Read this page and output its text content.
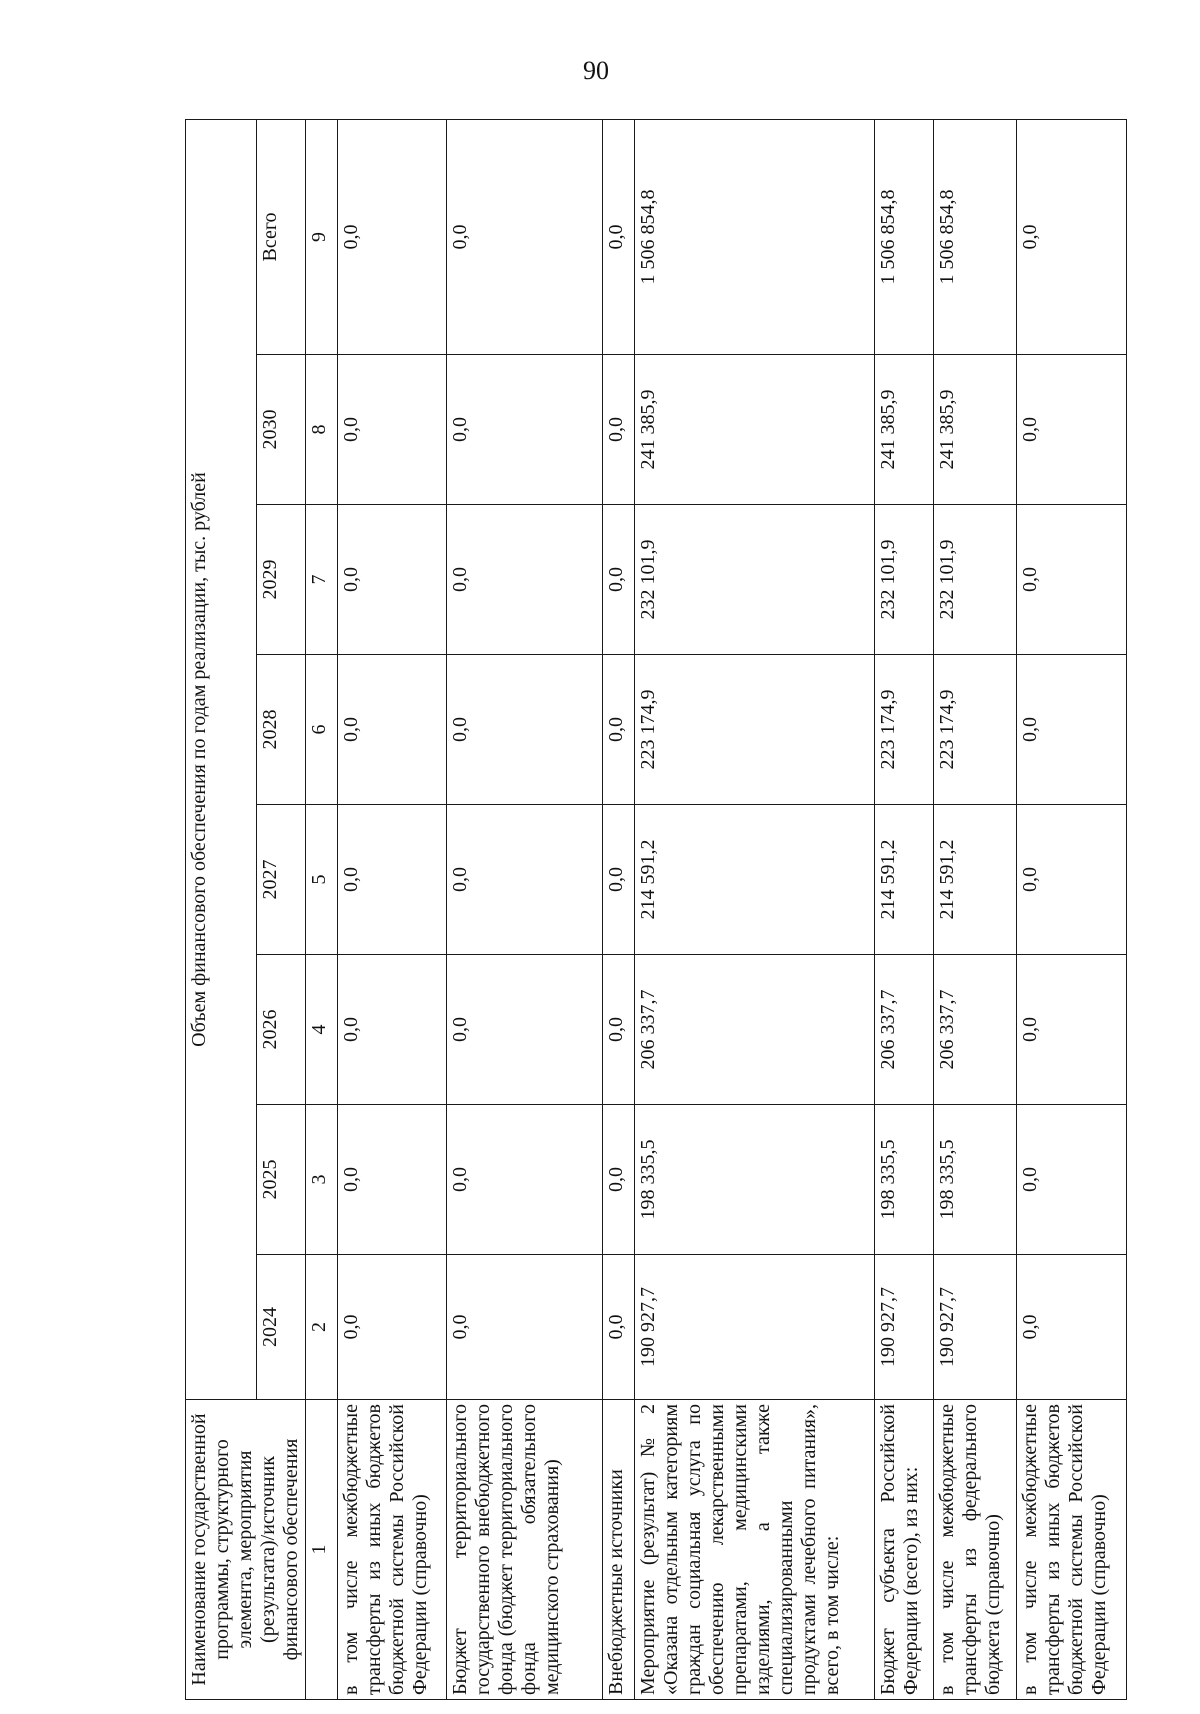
90
Наименование государственной программы, структурного элемента, мероприятия (результата)/источник финансового обеспечения	Объем финансового обеспечения по годам реализации, тыс. рублей							
	2024	2025	2026	2027	2028	2029	2030	Всего
1	2	3	4	5	6	7	8	9
в том числе межбюджетные трансферты из иных бюджетов бюджетной системы Российской Федерации (справочно)	0,0	0,0	0,0	0,0	0,0	0,0	0,0	0,0
Бюджет территориального государственного внебюджетного фонда (бюджет территориального фонда обязательного медицинского страхования)	0,0	0,0	0,0	0,0	0,0	0,0	0,0	0,0
Внебюджетные источники	0,0	0,0	0,0	0,0	0,0	0,0	0,0	0,0
Мероприятие (результат) № 2 «Оказана отдельным категориям граждан социальная услуга по обеспечению лекарственными препаратами, медицинскими изделиями, а также специализированными продуктами лечебного питания», всего, в том числе:	190 927,7	198 335,5	206 337,7	214 591,2	223 174,9	232 101,9	241 385,9	1 506 854,8
Бюджет субъекта Российской Федерации (всего), из них:	190 927,7	198 335,5	206 337,7	214 591,2	223 174,9	232 101,9	241 385,9	1 506 854,8
в том числе межбюджетные трансферты из федерального бюджета (справочно)	190 927,7	198 335,5	206 337,7	214 591,2	223 174,9	232 101,9	241 385,9	1 506 854,8
в том числе межбюджетные трансферты из иных бюджетов бюджетной системы Российской Федерации (справочно)	0,0	0,0	0,0	0,0	0,0	0,0	0,0	0,0
